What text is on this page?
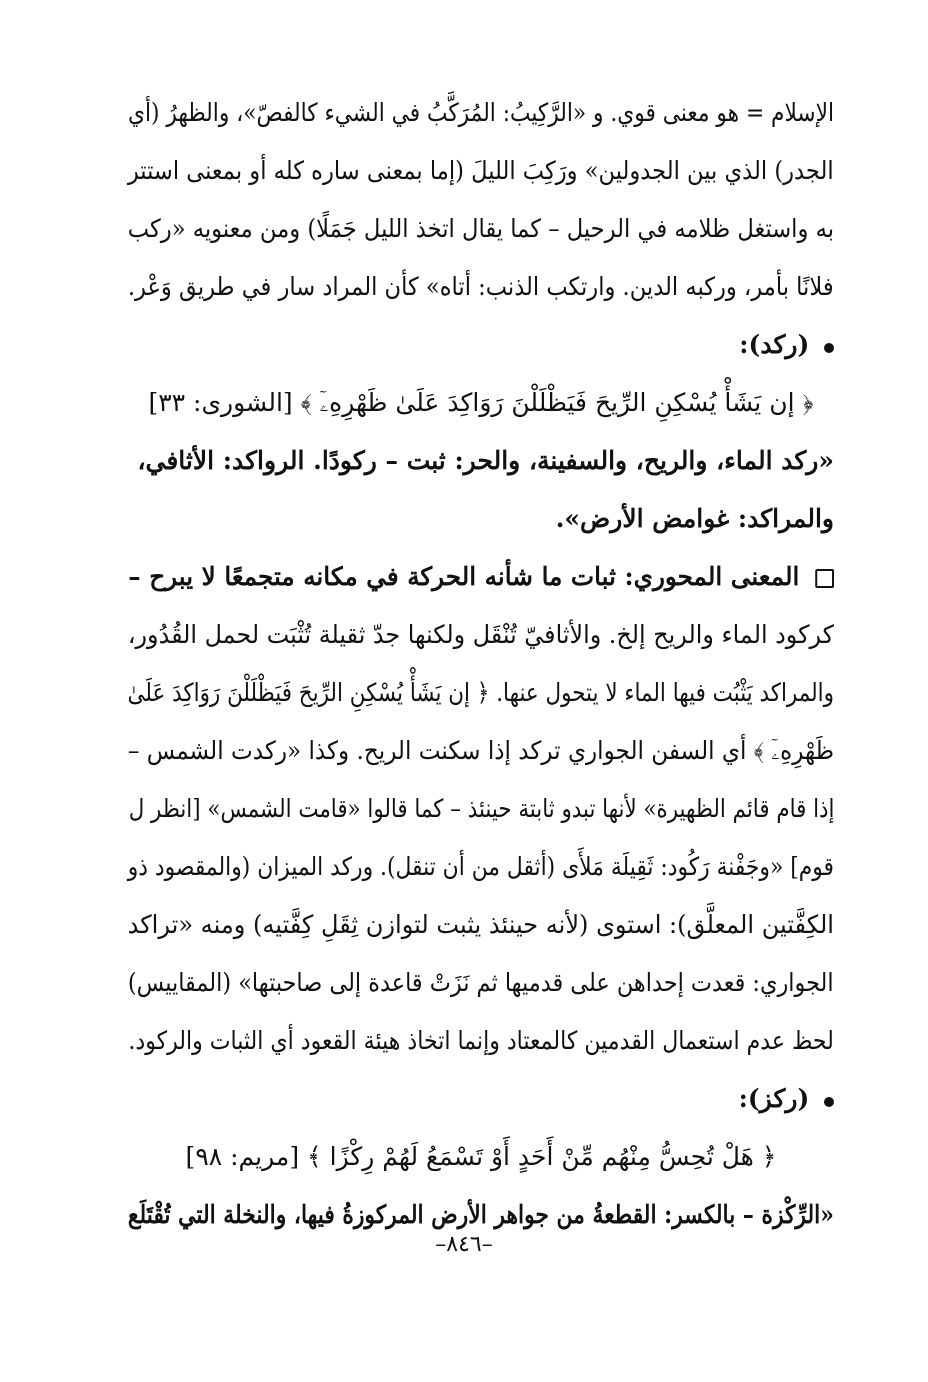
الإسلام = هو معنى قوي. و «الرَّكِيبُ: المُرَكَّبُ في الشيء كالفصّ»، والظهرُ (أي
الجدر) الذي بين الجدولين» ورَكِبَ الليلَ (إما بمعنى ساره كله أو بمعنى استتر
به واستغل ظلامه في الرحيل – كما يقال اتخذ الليل جَمَلًا) ومن معنويه «ركب
فلانًا بأمر، وركبه الدين. وارتكب الذنب: أتاه» كأن المراد سار في طريق وَعْر.
(ركد):
﴿ إن يَشَأْ يُسْكِنِ الرِّيحَ فَيَظْلَلْنَ رَوَاكِدَ عَلَىٰ ظَهْرِهِۦٓ ﴾ [الشورى: ٣٣]
«ركد الماء، والريح، والسفينة، والحر: ثبت – ركودًا. الرواكد: الأثافي،
والمراكد: غوامض الأرض».
المعنى المحوري: ثبات ما شأنه الحركة في مكانه متجمعًا لا يبرح –
كركود الماء والريح إلخ. والأثافيّ تُنْقَل ولكنها جدّ ثقيلة تُثْبَت لحمل القُدُور،
والمراكد يَثْبُت فيها الماء لا يتحول عنها. ﴿ إن يَشَأْ يُسْكِنِ الرِّيحَ فَيَظْلَلْنَ رَوَاكِدَ عَلَىٰ
ظَهْرِهِۦٓ ﴾ أي السفن الجواري تركد إذا سكنت الريح. وكذا «ركدت الشمس –
إذا قام قائم الظهيرة» لأنها تبدو ثابتة حينئذ – كما قالوا «قامت الشمس» [انظر ل
قوم] «وجَفْنة رَكُود: ثَقِيلَة مَلأَى (أثقل من أن تنقل). وركد الميزان (والمقصود ذو
الكِفَّتين المعلَّق): استوى (لأنه حينئذ يثبت لتوازن ثِقَلِ كِفَّتيه) ومنه «تراكد
الجواري: قعدت إحداهن على قدميها ثم نَزَتْ قاعدة إلى صاحبتها» (المقاييس)
لحظ عدم استعمال القدمين كالمعتاد وإنما اتخاذ هيئة القعود أي الثبات والركود.
(ركز):
﴿ هَلْ تُحِسُّ مِنْهُم مِّنْ أَحَدٍ أَوْ تَسْمَعُ لَهُمْ رِكْزًا ﴾ [مريم: ٩٨]
«الرِّكْزة – بالكسر: القطعةُ من جواهر الأرض المركوزةُ فيها، والنخلة التي تُقْتَلَع
–٨٤٦–
